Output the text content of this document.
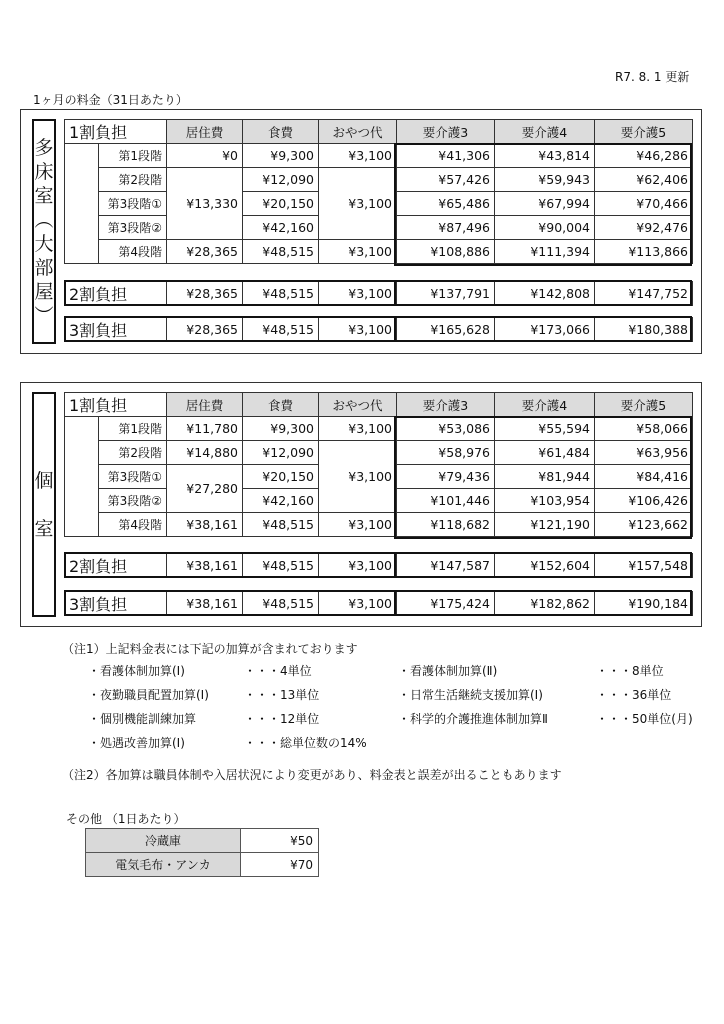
R7. 8. 1 更新
1ヶ月の料金（31日あたり）
多
床
室
︵
大
部
屋
︶
1割負担		居住費	食費	おやつ代	要介護3	要介護4	要介護5
	第1段階	¥0	¥9,300	¥3,100	¥41,306	¥43,814	¥46,286
	第2段階	¥13,330	¥12,090	¥3,100	¥57,426	¥59,943	¥62,406
	第3段階①		¥20,150		¥65,486	¥67,994	¥70,466
	第3段階②		¥42,160		¥87,496	¥90,004	¥92,476
	第4段階	¥28,365	¥48,515	¥3,100	¥108,886	¥111,394	¥113,866
2割負担	¥28,365	¥48,515	¥3,100	¥137,791	¥142,808	¥147,752
3割負担	¥28,365	¥48,515	¥3,100	¥165,628	¥173,066	¥180,388
個
室
1割負担		居住費	食費	おやつ代	要介護3	要介護4	要介護5
	第1段階	¥11,780	¥9,300	¥3,100	¥53,086	¥55,594	¥58,066
	第2段階	¥14,880	¥12,090	¥3,100	¥58,976	¥61,484	¥63,956
	第3段階①	¥27,280	¥20,150		¥79,436	¥81,944	¥84,416
	第3段階②		¥42,160		¥101,446	¥103,954	¥106,426
	第4段階	¥38,161	¥48,515	¥3,100	¥118,682	¥121,190	¥123,662
2割負担	¥38,161	¥48,515	¥3,100	¥147,587	¥152,604	¥157,548
3割負担	¥38,161	¥48,515	¥3,100	¥175,424	¥182,862	¥190,184
（注1）上記料金表には下記の加算が含まれております
・看護体制加算(Ⅰ)	・・・4単位	・看護体制加算(Ⅱ)	・・・8単位
・夜勤職員配置加算(Ⅰ)	・・・13単位	・日常生活継続支援加算(Ⅰ)	・・・36単位
・個別機能訓練加算	・・・12単位	・科学的介護推進体制加算Ⅱ	・・・50単位(月)
・処遇改善加算(Ⅰ)	・・・総単位数の14%
（注2）各加算は職員体制や入居状況により変更があり、料金表と誤差が出ることもあります
その他 （1日あたり）
冷蔵庫	¥50
電気毛布・アンカ	¥70
